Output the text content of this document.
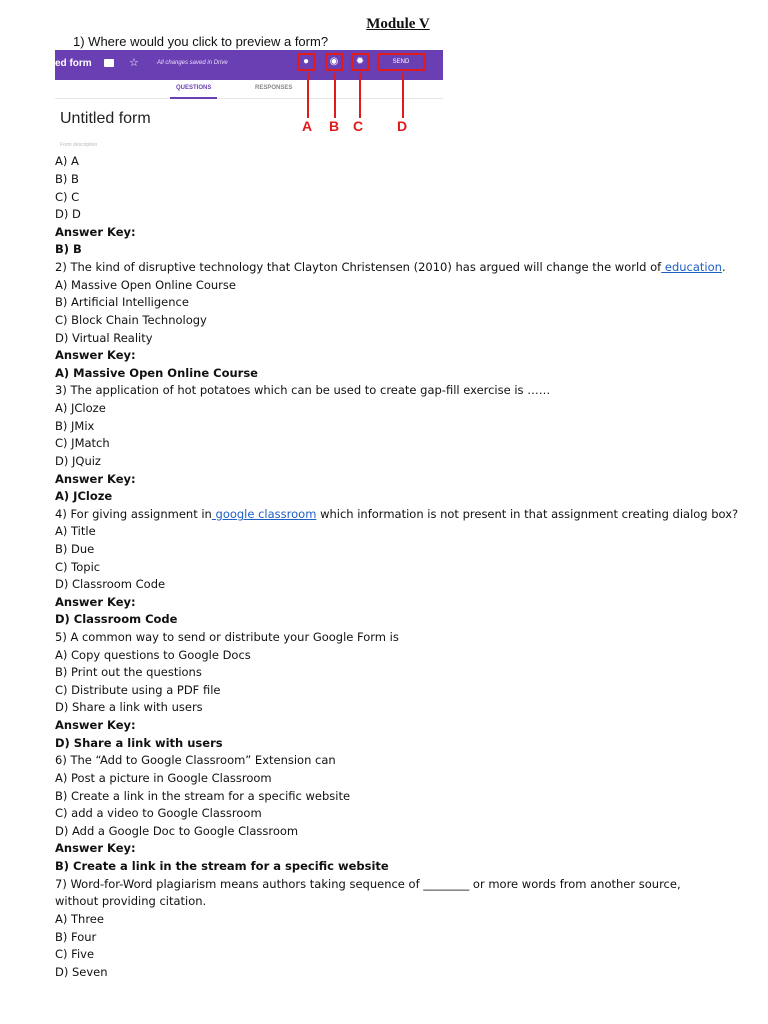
Module V
1) Where would you click to preview a form?
ed form	☆	All changes saved in Drive	●	◉	✹	SEND
QUESTIONS	RESPONSES
Untitled form
Form description
A B C D
A) A
B) B
C) C
D) D
Answer Key:
B) B
2) The kind of disruptive technology that Clayton Christensen (2010) has argued will change the world of education.
A) Massive Open Online Course
B) Artificial Intelligence
C) Block Chain Technology
D) Virtual Reality
Answer Key:
A) Massive Open Online Course
3) The application of hot potatoes which can be used to create gap-fill exercise is ……
A) JCloze
B) JMix
C) JMatch
D) JQuiz
Answer Key:
A) JCloze
4) For giving assignment in google classroom which information is not present in that assignment creating dialog box?
A) Title
B) Due
C) Topic
D) Classroom Code
Answer Key:
D) Classroom Code
5) A common way to send or distribute your Google Form is
A) Copy questions to Google Docs
B) Print out the questions
C) Distribute using a PDF file
D) Share a link with users
Answer Key:
D) Share a link with users
6) The “Add to Google Classroom” Extension can
A) Post a picture in Google Classroom
B) Create a link in the stream for a specific website
C) add a video to Google Classroom
D) Add a Google Doc to Google Classroom
Answer Key:
B) Create a link in the stream for a specific website
7) Word-for-Word plagiarism means authors taking sequence of ________ or more words from another source,
without providing citation.
A) Three
B) Four
C) Five
D) Seven
